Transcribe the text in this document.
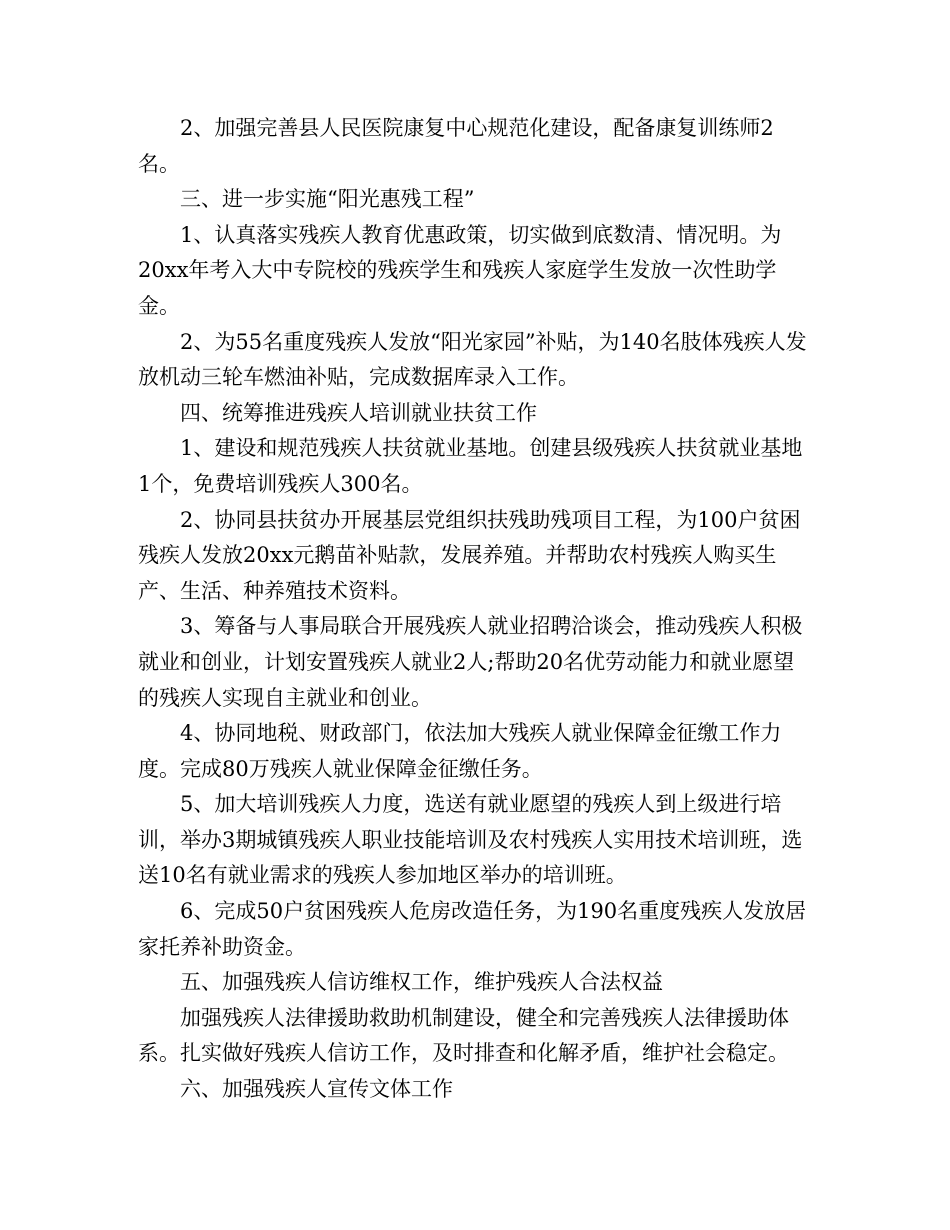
2、加强完善县人民医院康复中心规范化建设，配备康复训练师2名。

三、进一步实施“阳光惠残工程”

1、认真落实残疾人教育优惠政策，切实做到底数清、情况明。为20xx年考入大中专院校的残疾学生和残疾人家庭学生发放一次性助学金。

2、为55名重度残疾人发放“阳光家园”补贴，为140名肢体残疾人发放机动三轮车燃油补贴，完成数据库录入工作。

四、统筹推进残疾人培训就业扶贫工作

1、建设和规范残疾人扶贫就业基地。创建县级残疾人扶贫就业基地1个，免费培训残疾人300名。

2、协同县扶贫办开展基层党组织扶残助残项目工程，为100户贫困残疾人发放20xx元鹅苗补贴款，发展养殖。并帮助农村残疾人购买生产、生活、种养殖技术资料。

3、筹备与人事局联合开展残疾人就业招聘洽谈会，推动残疾人积极就业和创业，计划安置残疾人就业2人;帮助20名优劳动能力和就业愿望的残疾人实现自主就业和创业。

4、协同地税、财政部门，依法加大残疾人就业保障金征缴工作力度。完成80万残疾人就业保障金征缴任务。

5、加大培训残疾人力度，选送有就业愿望的残疾人到上级进行培训，举办3期城镇残疾人职业技能培训及农村残疾人实用技术培训班，选送10名有就业需求的残疾人参加地区举办的培训班。

6、完成50户贫困残疾人危房改造任务，为190名重度残疾人发放居家托养补助资金。

五、加强残疾人信访维权工作，维护残疾人合法权益

加强残疾人法律援助救助机制建设，健全和完善残疾人法律援助体系。扎实做好残疾人信访工作，及时排查和化解矛盾，维护社会稳定。

六、加强残疾人宣传文体工作
